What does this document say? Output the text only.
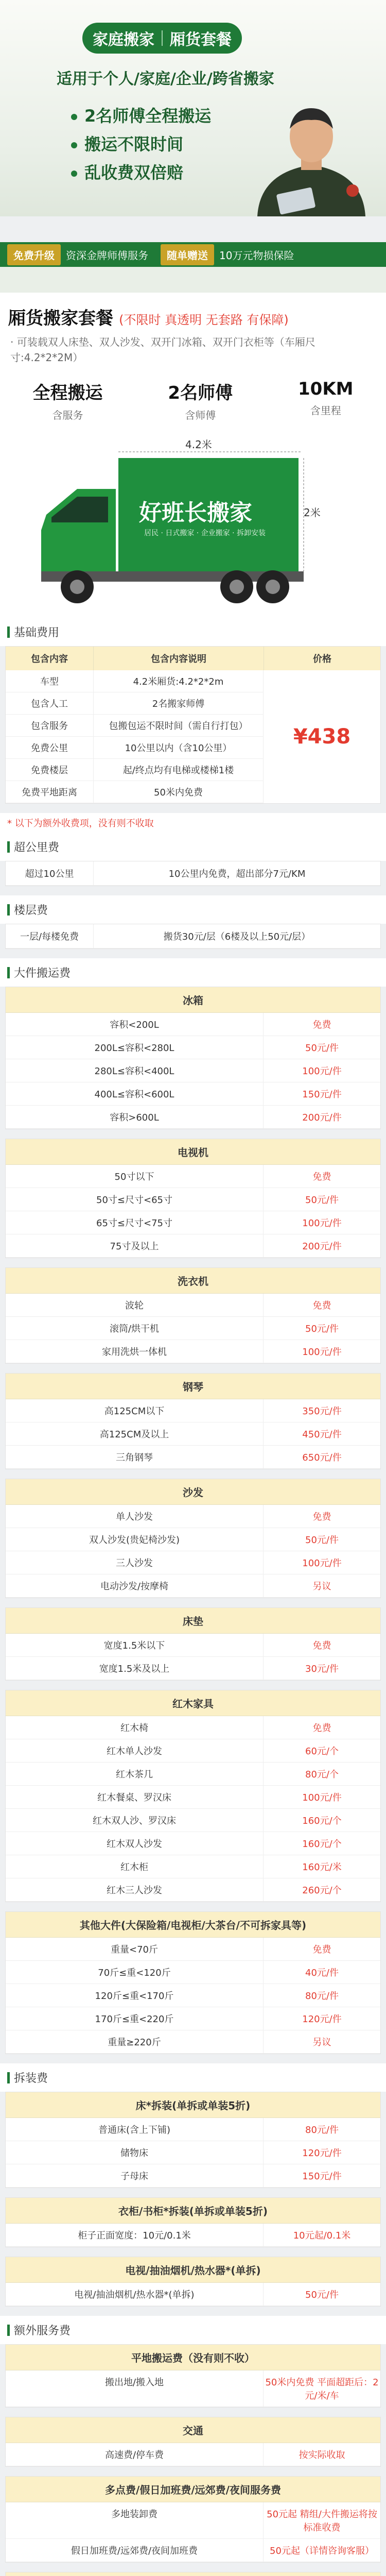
家庭搬家 厢货套餐
适用于个人/家庭/企业/跨省搬家
2名师傅全程搬运
搬运不限时间
乱收费双倍赔
免费升级	资深金牌师傅服务	随单赠送	10万元物损保险
厢货搬家套餐 (不限时 真透明 无套路 有保障)
· 可装载双人床垫、双人沙发、双开门冰箱、双开门衣柜等（车厢尺寸:4.2*2*2M）
全程搬运
含服务
2名师傅
含师傅
10KM
含里程
4.2米
2米
好班长搬家
居民 · 日式搬家 · 企业搬家 · 拆卸安装
基础费用
包含内容	包含内容说明	价格
车型	4.2米厢货:4.2*2*2m
包含人工	2名搬家师傅
包含服务	包搬包运不限时间（需自行打包）
免费公里	10公里以内（含10公里）
免费楼层	起/终点均有电梯或楼梯1楼
免费平地距离	50米内免费
¥438
* 以下为额外收费项，没有则不收取
超公里费
超过10公里	10公里内免费，超出部分7元/KM
楼层费
一层/每楼免费	搬货30元/层（6楼及以上50元/层）
大件搬运费
冰箱
容积<200L	免费
200L≤容积<280L	50元/件
280L≤容积<400L	100元/件
400L≤容积<600L	150元/件
容积>600L	200元/件
电视机
50寸以下	免费
50寸≤尺寸<65寸	50元/件
65寸≤尺寸<75寸	100元/件
75寸及以上	200元/件
洗衣机
波轮	免费
滚筒/烘干机	50元/件
家用洗烘一体机	100元/件
钢琴
高125CM以下	350元/件
高125CM及以上	450元/件
三角钢琴	650元/件
沙发
单人沙发	免费
双人沙发(贵妃椅沙发)	50元/件
三人沙发	100元/件
电动沙发/按摩椅	另议
床垫
宽度1.5米以下	免费
宽度1.5米及以上	30元/件
红木家具
红木椅	免费
红木单人沙发	60元/个
红木茶几	80元/个
红木餐桌、罗汉床	100元/件
红木双人沙、罗汉床	160元/个
红木双人沙发	160元/个
红木柜	160元/米
红木三人沙发	260元/个
其他大件(大保险箱/电视柜/大茶台/不可拆家具等)
重量<70斤	免费
70斤≤重<120斤	40元/件
120斤≤重<170斤	80元/件
170斤≤重<220斤	120元/件
重量≥220斤	另议
拆装费
床*拆装(单拆或单装5折)
普通床(含上下铺)	80元/件
储物床	120元/件
子母床	150元/件
衣柜/书柜*拆装(单拆或单装5折)
柜子正面宽度：10元/0.1米	10元起/0.1米
电视/抽油烟机/热水器*(单拆)
电视/抽油烟机/热水器*(单拆)	50元/件
额外服务费
平地搬运费（没有则不收）
搬出地/搬入地	50米内免费 平面超距后：2元/米/车
交通
高速费/停车费	按实际收取
多点费/假日加班费/远郊费/夜间服务费
多地装卸费	50元起 精组/大件搬运将按标准收费
假日加班费/远郊费/夜间加班费	50元起（详情咨询客服）
